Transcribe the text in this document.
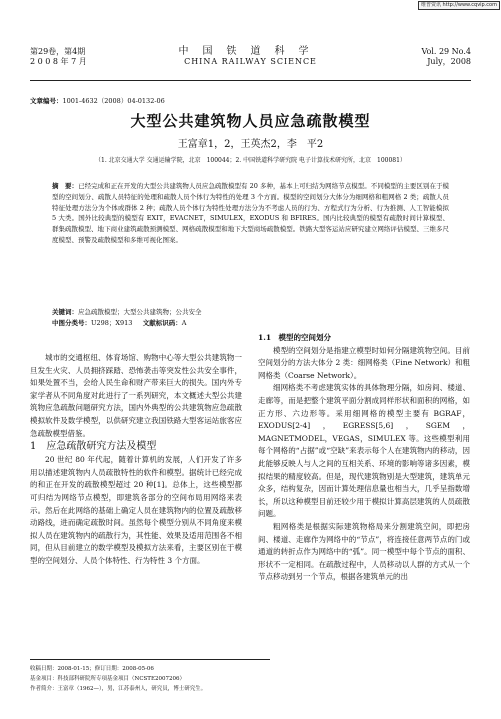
维普资讯 http://www.cqvip.com
第29卷，第4期
2 0 0 8 年 7 月
中国铁道科学
CHINA RAILWAY SCIENCE
Vol. 29 No.4
July，2008
文章编号：1001-4632（2008）04-0132-06
大型公共建筑物人员应急疏散模型
王富章1，2，王英杰2，李　平2
（1. 北京交通大学 交通运输学院，北京　100044；2. 中国铁道科学研究院 电子计算技术研究所，北京　100081）
摘　要：已经完成和正在开发的大型公共建筑物人员应急疏散模型有 20 多种，基本上可归结为网络节点模型。不同模型的主要区别在于模型的空间划分、疏散人员特征的处理和疏散人员个体行为特性的处理 3 个方面。模型的空间划分大体分为细网格和粗网格 2 类；疏散人员特征处理方法分为个体或群体 2 种；疏散人员个体行为特性处理方法分为不考虑人员的行为、方程式行为分析、行为推测、人工智能模拟 5 大类。国外比较典型的模型有 EXIT，EVACNET，SIMULEX，EXODUS 和 BFIRES。国内比较典型的模型有疏散时间计算模型、群集疏散模型、地下商业建筑疏散预测模型、网格疏散模型和地下大型商场疏散模型。铁路大型客运站应研究建立网络评估模型、三维多尺度模型、预警及疏散模型和多维可视化图案。
关键词：应急疏散模型；大型公共建筑物；公共安全
中图分类号：U298；X913 文献标识码：A

城市的交通枢纽、体育场馆、购物中心等大型公共建筑物一旦发生火灾、人员拥挤踩踏、恐怖袭击等突发性公共安全事件，如果处置不当，会给人民生命和财产带来巨大的损失。国内外专家学者从不同角度对此进行了一系列研究，本文概述大型公共建筑物应急疏散问题研究方法，国内外典型的公共建筑物应急疏散模拟软件及数学模型，以供研究建立我国铁路大型客运站旅客应急疏散模型借鉴。

1　应急疏散研究方法及模型

20 世纪 80 年代起，随着计算机的发展，人们开发了许多用以描述建筑物内人员疏散特性的软件和模型。据统计已经完成的和正在开发的疏散模型超过 20 种[1]。总体上，这些模型都可归结为网络节点模型，即建筑各部分的空间布局用网络来表示。然后在此网络的基础上确定人员在建筑物内的位置及疏散移动路线，进而确定疏散时间。虽然每个模型分别从不同角度来模拟人员在建筑物内的疏散行为，其性能、效果及适用范围各不相同，但从目前建立的数学模型及模拟方法来看，主要区别在于模型的空间划分、人员个体特性、行为特性 3 个方面。

1.1　模型的空间划分

模型的空间划分是指建立模型时如何分隔建筑物空间。目前空间划分的方法大体分 2 类：细网格类（Fine Network）和粗网格类（Coarse Network）。

细网格类不考虑建筑实体的具体物理分隔，如房间、楼道、走廊等，而是把整个建筑平面分割成同样形状和面积的网格，如正方形、六边形等。采用细网格的模型主要有 BGRAF，EXODUS[2-4]，EGRESS[5,6]，SGEM，MAGNETMODEL，VEGAS，SIMULEX 等。这些模型利用每个网格的“占据”或“空缺”来表示每个人在建筑物内的移动，因此能够反映人与人之间的互相关系、环境的影响等诸多因素，模拟结果的精度较高。但是，现代建筑物别是大型建筑，建筑单元众多，结构复杂，因而计算处理信息量也相当大，几乎呈指数增长，所以这种模型目前还较少用于模拟计算高层建筑的人员疏散问题。

粗网格类是根据实际建筑物格局来分割建筑空间，即把房间、楼道、走廊作为网络中的“节点”，将连接任意两节点的门或通道的转折点作为网络中的“弧”。同一模型中每个节点的面积、形状不一定相同。在疏散过程中，人员移动以人群的方式从一个节点移动到另一个节点，根据各建筑单元的出

收稿日期：2008-01-15；修订日期：2008-05-06
基金项目：科技部科研院所专项基金项目（NCSTE2007206）
作者简介：王富章（1962—），男，江苏泰州人，研究员，博士研究生。
